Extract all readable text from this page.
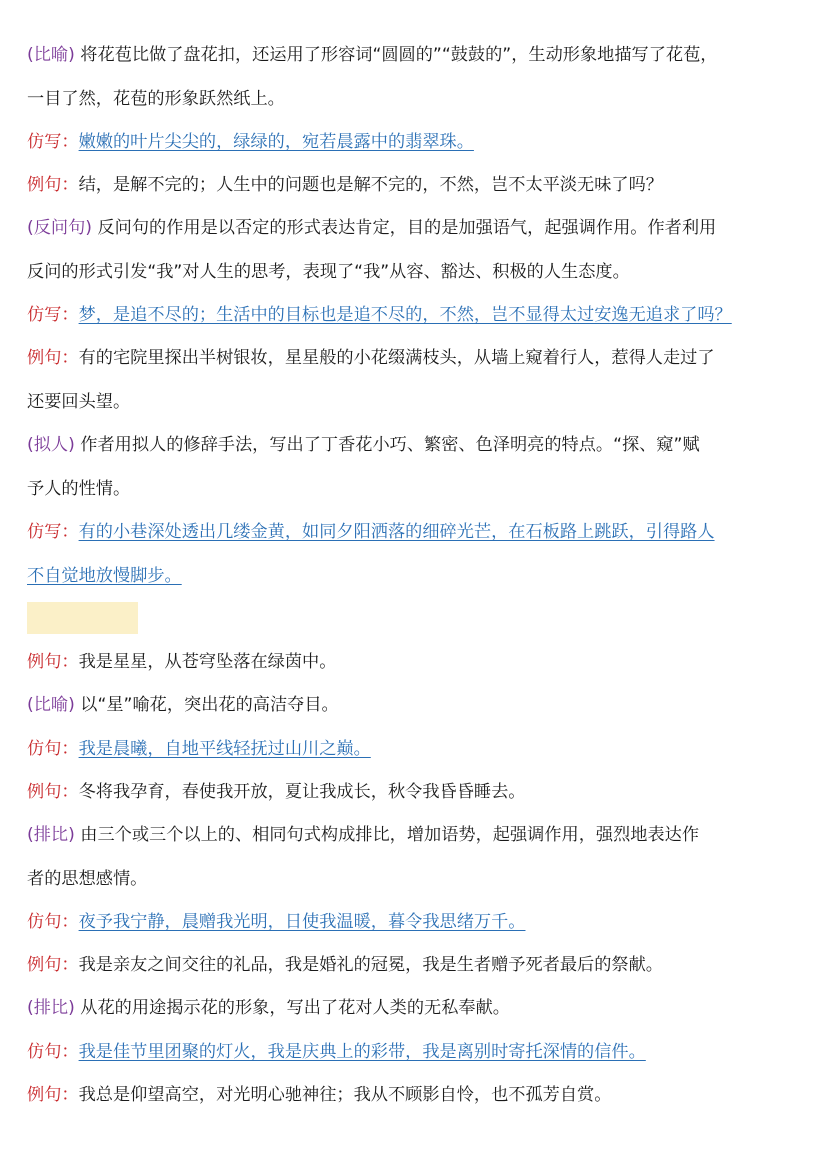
(比喻) 将花苞比做了盘花扣，还运用了形容词“圆圆的”“鼓鼓的”，生动形象地描写了花苞，
一目了然，花苞的形象跃然纸上。
仿写：嫩嫩的叶片尖尖的，绿绿的，宛若晨露中的翡翠珠。
例句：结，是解不完的；人生中的问题也是解不完的，不然，岂不太平淡无味了吗？
(反问句) 反问句的作用是以否定的形式表达肯定，目的是加强语气，起强调作用。作者利用
反问的形式引发“我”对人生的思考，表现了“我”从容、豁达、积极的人生态度。
仿写：梦，是追不尽的；生活中的目标也是追不尽的，不然，岂不显得太过安逸无追求了吗？
例句：有的宅院里探出半树银妆，星星般的小花缀满枝头，从墙上窥着行人，惹得人走过了
还要回头望。
(拟人) 作者用拟人的修辞手法，写出了丁香花小巧、繁密、色泽明亮的特点。“探、窥”赋
予人的性情。
仿写：有的小巷深处透出几缕金黄，如同夕阳洒落的细碎光芒，在石板路上跳跃，引得路人
不自觉地放慢脚步。
例句：我是星星，从苍穹坠落在绿茵中。
(比喻) 以“星”喻花，突出花的高洁夺目。
仿句：我是晨曦，自地平线轻抚过山川之巅。
例句：冬将我孕育，春使我开放，夏让我成长，秋令我昏昏睡去。
(排比) 由三个或三个以上的、相同句式构成排比，增加语势，起强调作用，强烈地表达作
者的思想感情。
仿句：夜予我宁静，晨赠我光明，日使我温暖，暮令我思绪万千。
例句：我是亲友之间交往的礼品，我是婚礼的冠冕，我是生者赠予死者最后的祭献。
(排比) 从花的用途揭示花的形象，写出了花对人类的无私奉献。
仿句：我是佳节里团聚的灯火，我是庆典上的彩带，我是离别时寄托深情的信件。
例句：我总是仰望高空，对光明心驰神往；我从不顾影自怜，也不孤芳自赏。
